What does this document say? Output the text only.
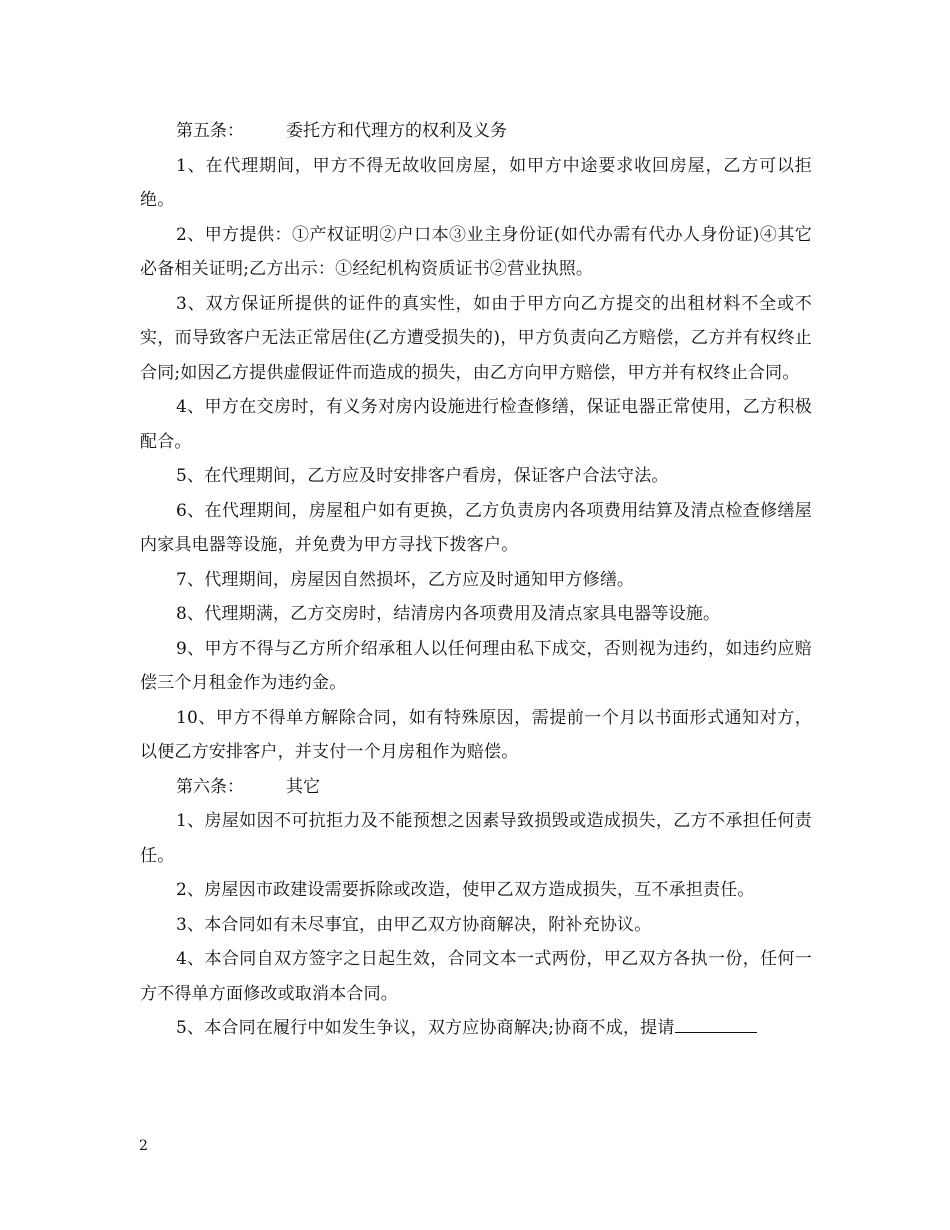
第五条： 委托方和代理方的权利及义务

1、在代理期间，甲方不得无故收回房屋，如甲方中途要求收回房屋，乙方可以拒绝。

2、甲方提供：①产权证明②户口本③业主身份证(如代办需有代办人身份证)④其它必备相关证明;乙方出示：①经纪机构资质证书②营业执照。

3、双方保证所提供的证件的真实性，如由于甲方向乙方提交的出租材料不全或不实，而导致客户无法正常居住(乙方遭受损失的)，甲方负责向乙方赔偿，乙方并有权终止合同;如因乙方提供虚假证件而造成的损失，由乙方向甲方赔偿，甲方并有权终止合同。

4、甲方在交房时，有义务对房内设施进行检查修缮，保证电器正常使用，乙方积极配合。

5、在代理期间，乙方应及时安排客户看房，保证客户合法守法。

6、在代理期间，房屋租户如有更换，乙方负责房内各项费用结算及清点检查修缮屋内家具电器等设施，并免费为甲方寻找下拨客户。

7、代理期间，房屋因自然损坏，乙方应及时通知甲方修缮。

8、代理期满，乙方交房时，结清房内各项费用及清点家具电器等设施。

9、甲方不得与乙方所介绍承租人以任何理由私下成交，否则视为违约，如违约应赔偿三个月租金作为违约金。

10、甲方不得单方解除合同，如有特殊原因，需提前一个月以书面形式通知对方，以便乙方安排客户，并支付一个月房租作为赔偿。

第六条： 其它

1、房屋如因不可抗拒力及不能预想之因素导致损毁或造成损失，乙方不承担任何责任。

2、房屋因市政建设需要拆除或改造，使甲乙双方造成损失，互不承担责任。

3、本合同如有未尽事宜，由甲乙双方协商解决，附补充协议。

4、本合同自双方签字之日起生效，合同文本一式两份，甲乙双方各执一份，任何一方不得单方面修改或取消本合同。

5、本合同在履行中如发生争议，双方应协商解决;协商不成，提请

2
